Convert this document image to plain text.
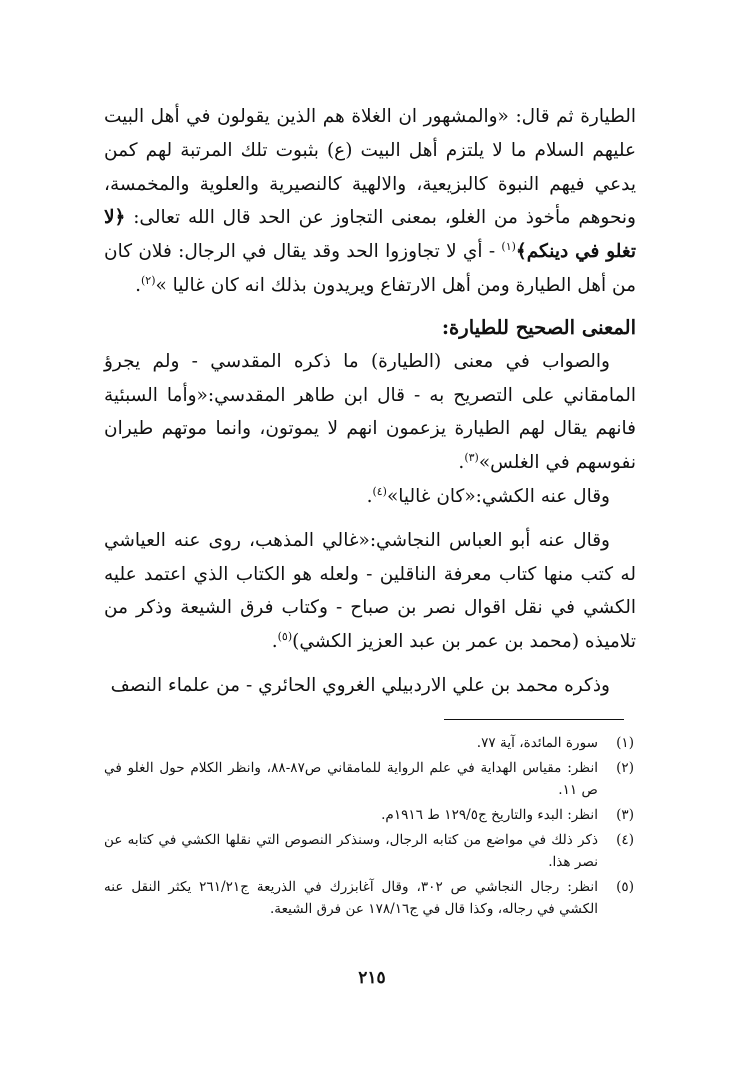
الطيارة ثم قال: «والمشهور ان الغلاة هم الذين يقولون في أهل البيت عليهم السلام ما لا يلتزم أهل البيت (ع) بثبوت تلك المرتبة لهم كمن يدعي فيهم النبوة كالبزيعية، والالهية كالنصيرية والعلوية والمخمسة، ونحوهم مأخوذ من الغلو، بمعنى التجاوز عن الحد قال الله تعالى: ﴿لا تغلو في دينكم﴾$^{(١)}$ - أي لا تجاوزوا الحد وقد يقال في الرجال: فلان كان من أهل الطيارة ومن أهل الارتفاع ويريدون بذلك انه كان غاليا »$^{(٢)}$.

المعنى الصحيح للطيارة:

والصواب في معنى (الطيارة) ما ذكره المقدسي - ولم يجرؤ المامقاني على التصريح به - قال ابن طاهر المقدسي:«وأما السبئية فانهم يقال لهم الطيارة يزعمون انهم لا يموتون، وانما موتهم طيران نفوسهم في الغلس»$^{(٣)}$.

وقال عنه الكشي:«كان غاليا»$^{(٤)}$.

وقال عنه أبو العباس النجاشي:«غالي المذهب، روى عنه العياشي له كتب منها كتاب معرفة الناقلين - ولعله هو الكتاب الذي اعتمد عليه الكشي في نقل اقوال نصر بن صباح - وكتاب فرق الشيعة وذكر من تلاميذه (محمد بن عمر بن عبد العزيز الكشي)$^{(٥)}$.

وذكره محمد بن علي الاردبيلي الغروي الحائري - من علماء النصف

(١)
سورة المائدة، آية ٧٧.
(٢)
انظر: مقياس الهداية في علم الرواية للمامقاني ص٨٧-٨٨، وانظر الكلام حول الغلو في ص ١١.
(٣)
انظر: البدء والتاريخ ج١٢٩/٥ ط ١٩١٦م.
(٤)
ذكر ذلك في مواضع من كتابه الرجال، وسنذكر النصوص التي نقلها الكشي في كتابه عن نصر هذا.
(٥)
انظر: رجال النجاشي ص ٣٠٢، وقال آغابزرك في الذريعة ج٢٦١/٢١ يكثر النقل عنه الكشي في رجاله، وكذا قال في ج١٧٨/١٦ عن فرق الشيعة.
٢١٥
